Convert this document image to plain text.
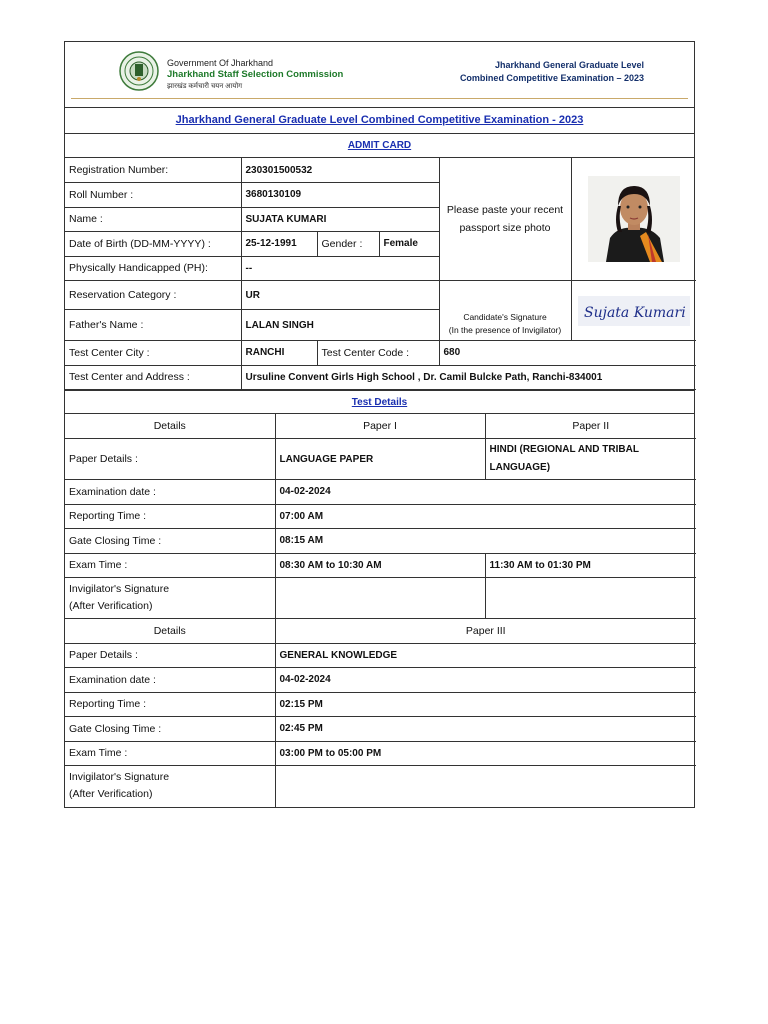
Government Of Jharkhand
Jharkhand Staff Selection Commission
झारखंड कर्मचारी चयन आयोग
Jharkhand General Graduate Level
Combined Competitive Examination – 2023
Jharkhand General Graduate Level Combined Competitive Examination - 2023
ADMIT CARD
Registration Number:	230301500532			Please paste your recent passport size photo	

Roll Number :	3680130109				
Name :	SUJATA KUMARI				
Date of Birth (DD-MM-YYYY) :	25-12-1991	Gender :	Female		
Physically Handicapped (PH):	--				
Reservation Category :	UR			Candidate's Signature
(In the presence of Invigilator)	Sujata Kumari

Father's Name :	LALAN SINGH				
Test Center City :	RANCHI	Test Center Code :		680	
Test Center and Address :	Ursuline Convent Girls High School , Dr. Camil Bulcke Path, Ranchi-834001				
Test Details
Details	Paper I	Paper II
Paper Details :	LANGUAGE PAPER	HINDI (REGIONAL AND TRIBAL LANGUAGE)
Examination date :	04-02-2024	
Reporting Time :	07:00 AM	
Gate Closing Time :	08:15 AM	
Exam Time :	08:30 AM to 10:30 AM	11:30 AM to 01:30 PM

Invigilator's Signature
(After Verification)		

Details	Paper III	
Paper Details :	GENERAL KNOWLEDGE	
Examination date :	04-02-2024	
Reporting Time :	02:15 PM	
Gate Closing Time :	02:45 PM	
Exam Time :	03:00 PM to 05:00 PM	

Invigilator's Signature
(After Verification)		
